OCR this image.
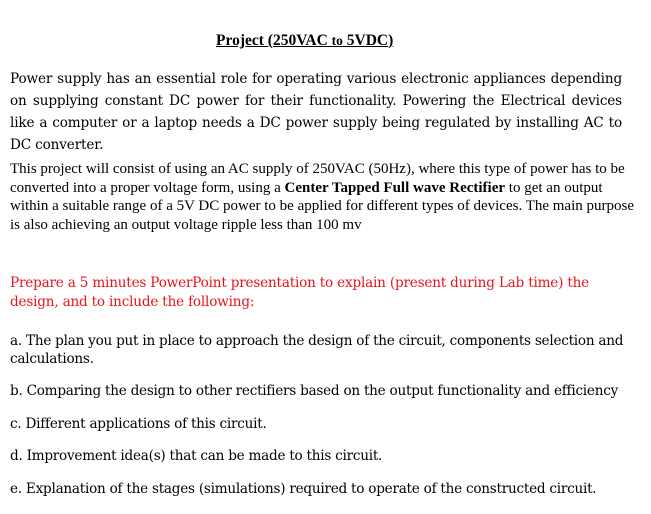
Project (250VAC to 5VDC)
Power supply has an essential role for operating various electronic appliances depending on supplying constant DC power for their functionality. Powering the Electrical devices like a computer or a laptop needs a DC power supply being regulated by installing AC to DC converter.
This project will consist of using an AC supply of 250VAC (50Hz), where this type of power has to be converted into a proper voltage form, using a Center Tapped Full wave Rectifier to get an output within a suitable range of a 5V DC power to be applied for different types of devices. The main purpose is also achieving an output voltage ripple less than 100 mv
Prepare a 5 minutes PowerPoint presentation to explain (present during Lab time) the design, and to include the following:
a. The plan you put in place to approach the design of the circuit, components selection and calculations.
b. Comparing the design to other rectifiers based on the output functionality and efficiency
c. Different applications of this circuit.
d. Improvement idea(s) that can be made to this circuit.
e. Explanation of the stages (simulations) required to operate of the constructed circuit.
